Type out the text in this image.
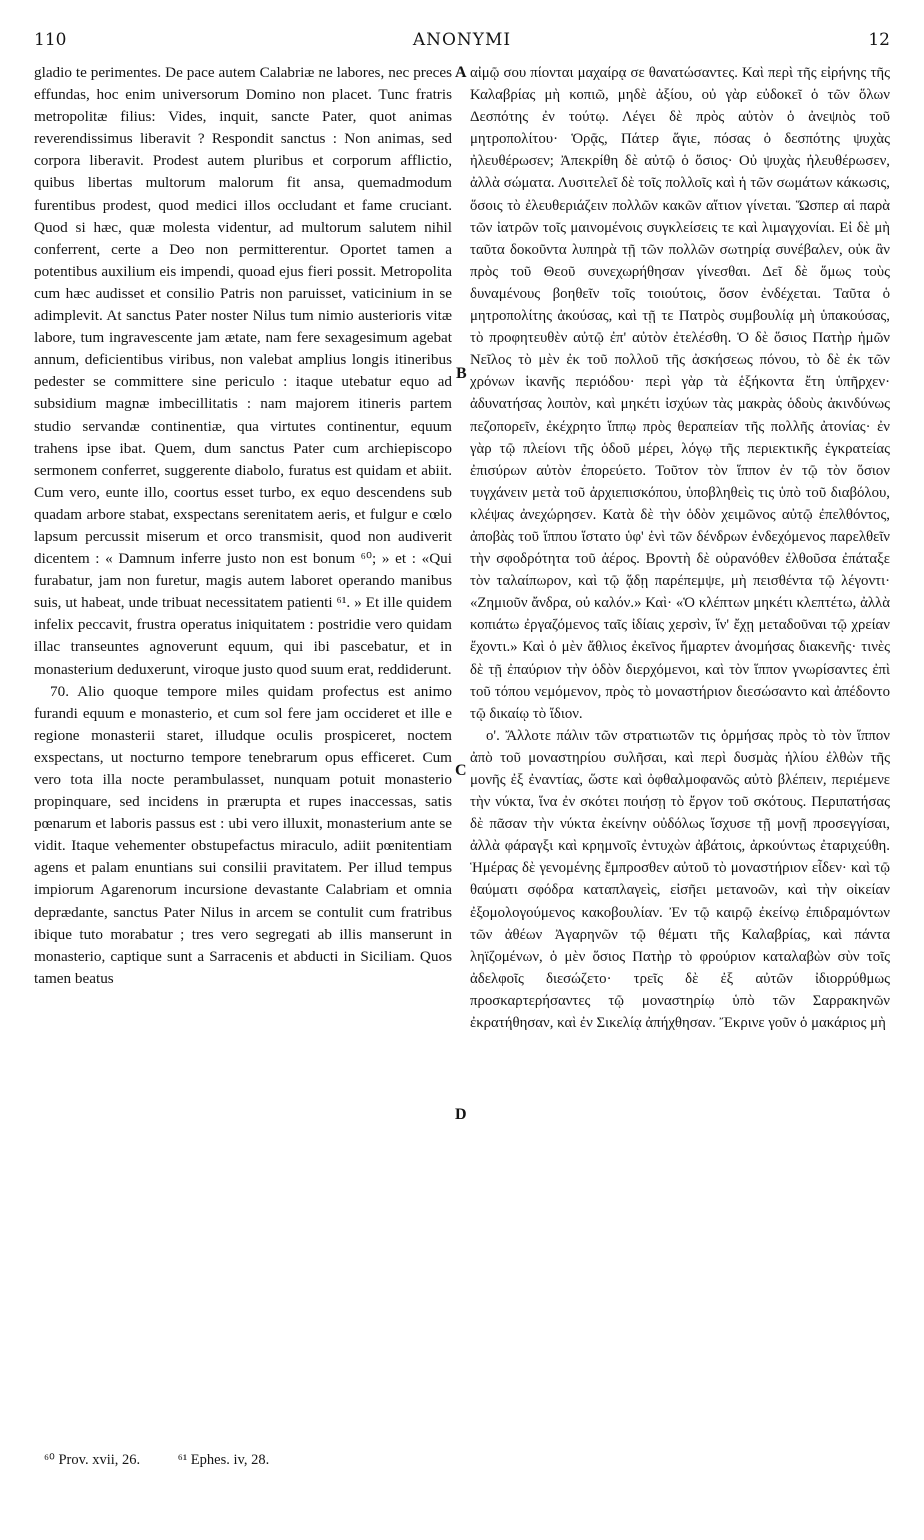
110	ANONYMI	12

gladio te perimentes. De pace autem Calabriæ ne labores, nec preces effundas, hoc enim universorum Domino non placet. Tunc fratris metropolitæ filius: Vides, inquit, sancte Pater, quot animas reverendissimus liberavit ? Respondit sanctus : Non animas, sed corpora liberavit. Prodest autem pluribus et corporum afflictio, quibus libertas multorum malorum fit ansa, quemadmodum furentibus prodest, quod medici illos occludant et fame cruciant. Quod si hæc, quæ molesta videntur, ad multorum salutem nihil conferrent, certe a Deo non permitterentur. Oportet tamen a potentibus auxilium eis impendi, quoad ejus fieri possit. Metropolita cum hæc audisset et consilio Patris non paruisset, vaticinium in se adimplevit. At sanctus Pater noster Nilus tum nimio austerioris vitæ labore, tum ingravescente jam ætate, nam fere sexagesimum agebat annum, deficientibus viribus, non valebat amplius longis itineribus pedester se committere sine periculo : itaque utebatur equo ad subsidium magnæ imbecillitatis : nam majorem itineris partem studio servandæ continentiæ, qua virtutes continentur, equum trahens ipse ibat. Quem, dum sanctus Pater cum archiepiscopo sermonem conferret, suggerente diabolo, furatus est quidam et abiit. Cum vero, eunte illo, coortus esset turbo, ex equo descendens sub quadam arbore stabat, exspectans serenitatem aeris, et fulgur e cœlo lapsum percussit miserum et orco transmisit, quod non audiverit dicentem : « Damnum inferre justo non est bonum ⁶⁰; » et : «Qui furabatur, jam non furetur, magis autem laboret operando manibus suis, ut habeat, unde tribuat necessitatem patienti ⁶¹. » Et ille quidem infelix peccavit, frustra operatus iniquitatem : postridie vero quidam illac transeuntes agnoverunt equum, qui ibi pascebatur, et in monasterium deduxerunt, viroque justo quod suum erat, reddiderunt.

70. Alio quoque tempore miles quidam profectus est animo furandi equum e monasterio, et cum sol fere jam occideret et ille e regione monasterii staret, illudque oculis prospiceret, noctem exspectans, ut nocturno tempore tenebrarum opus efficeret. Cum vero tota illa nocte perambulasset, nunquam potuit monasterio propinquare, sed incidens in prærupta et rupes inaccessas, satis pœnarum et laboris passus est : ubi vero illuxit, monasterium ante se vidit. Itaque vehementer obstupefactus miraculo, adiit pœnitentiam agens et palam enuntians sui consilii pravitatem. Per illud tempus impiorum Agarenorum incursione devastante Calabriam et omnia deprædante, sanctus Pater Nilus in arcem se contulit cum fratribus ibique tuto morabatur ; tres vero segregati ab illis manserunt in monasterio, captique sunt a Sarracenis et abducti in Siciliam. Quos tamen beatus

αἰμῷ σου πίονται μαχαίρᾳ σε θανατώσαντες. Καὶ περὶ τῆς εἰρήνης τῆς Καλαβρίας μὴ κοπιῶ, μηδὲ ἀξίου, οὐ γὰρ εὐδοκεῖ ὁ τῶν ὅλων Δεσπότης ἐν τούτῳ. Λέγει δὲ πρὸς αὐτὸν ὁ ἀνεψιὸς τοῦ μητροπολίτου· Ὁρᾷς, Πάτερ ἅγιε, πόσας ὁ δεσπότης ψυχὰς ἠλευθέρωσεν; Ἀπεκρίθη δὲ αὐτῷ ὁ ὅσιος· Οὐ ψυχὰς ἠλευθέρωσεν, ἀλλὰ σώματα. Λυσιτελεῖ δὲ τοῖς πολλοῖς καὶ ἡ τῶν σωμάτων κάκωσις, ὅσοις τὸ ἐλευθεριάζειν πολλῶν κακῶν αἴτιον γίνεται. Ὥσπερ αἱ παρὰ τῶν ἰατρῶν τοῖς μαινομένοις συγκλείσεις τε καὶ λιμαγχονίαι. Εἰ δὲ μὴ ταῦτα δοκοῦντα λυπηρὰ τῇ τῶν πολλῶν σωτηρίᾳ συνέβαλεν, οὐκ ἂν πρὸς τοῦ Θεοῦ συνεχωρήθησαν γίνεσθαι. Δεῖ δὲ ὅμως τοὺς δυναμένους βοηθεῖν τοῖς τοιούτοις, ὅσον ἐνδέχεται. Ταῦτα ὁ μητροπολίτης ἀκούσας, καὶ τῇ τε Πατρὸς συμβουλίᾳ μὴ ὑπακούσας, τὸ προφητευθὲν αὐτῷ ἐπ' αὐτὸν ἐτελέσθη. Ὁ δὲ ὅσιος Πατὴρ ἡμῶν Νεῖλος τὸ μὲν ἐκ τοῦ πολλοῦ τῆς ἀσκήσεως πόνου, τὸ δὲ ἐκ τῶν χρόνων ἱκανῆς περιόδου· περὶ γὰρ τὰ ἑξήκοντα ἔτη ὑπῆρχεν· ἀδυνατήσας λοιπὸν, καὶ μηκέτι ἰσχύων τὰς μακρὰς ὁδοὺς ἀκινδύνως πεζοπορεῖν, ἐκέχρητο ἵππῳ πρὸς θεραπείαν τῆς πολλῆς ἀτονίας· ἐν γὰρ τῷ πλείονι τῆς ὁδοῦ μέρει, λόγῳ τῆς περιεκτικῆς ἐγκρατείας ἐπισύρων αὐτὸν ἐπορεύετο. Τοῦτον τὸν ἵππον ἐν τῷ τὸν ὅσιον τυγχάνειν μετὰ τοῦ ἀρχιεπισκόπου, ὑποβληθεὶς τις ὑπὸ τοῦ διαβόλου, κλέψας ἀνεχώρησεν. Κατὰ δὲ τὴν ὁδὸν χειμῶνος αὐτῷ ἐπελθόντος, ἀποβὰς τοῦ ἵππου ἵστατο ὑφ' ἑνὶ τῶν δένδρων ἐνδεχόμενος παρελθεῖν τὴν σφοδρότητα τοῦ ἀέρος. Βροντὴ δὲ οὐρανόθεν ἐλθοῦσα ἐπάταξε τὸν ταλαίπωρον, καὶ τῷ ᾅδῃ παρέπεμψε, μὴ πεισθέντα τῷ λέγοντι· «Ζημιοῦν ἄνδρα, οὐ καλόν.» Καὶ· «Ὁ κλέπτων μηκέτι κλεπτέτω, ἀλλὰ κοπιάτω ἐργαζόμενος ταῖς ἰδίαις χερσὶν, ἵν' ἔχῃ μεταδοῦναι τῷ χρείαν ἔχοντι.» Καὶ ὁ μὲν ἄθλιος ἐκεῖνος ἥμαρτεν ἀνομήσας διακενῆς· τινὲς δὲ τῇ ἐπαύριον τὴν ὁδὸν διερχόμενοι, καὶ τὸν ἵππον γνωρίσαντες ἐπὶ τοῦ τόπου νεμόμενον, πρὸς τὸ μοναστήριον διεσώσαντο καὶ ἀπέδοντο τῷ δικαίῳ τὸ ἴδιον.

ο'. Ἄλλοτε πάλιν τῶν στρατιωτῶν τις ὁρμήσας πρὸς τὸ τὸν ἵππον ἀπὸ τοῦ μοναστηρίου συλῆσαι, καὶ περὶ δυσμὰς ἡλίου ἐλθὼν τῆς μονῆς ἐξ ἐναντίας, ὥστε καὶ ὀφθαλμοφανῶς αὐτὸ βλέπειν, περιέμενε τὴν νύκτα, ἵνα ἐν σκότει ποιήσῃ τὸ ἔργον τοῦ σκότους. Περιπατήσας δὲ πᾶσαν τὴν νύκτα ἐκείνην οὐδόλως ἴσχυσε τῇ μονῇ προσεγγίσαι, ἀλλὰ φάραγξι καὶ κρημνοῖς ἐντυχὼν ἀβάτοις, ἀρκούντως ἐταριχεύθη. Ἡμέρας δὲ γενομένης ἔμπροσθεν αὐτοῦ τὸ μοναστήριον εἶδεν· καὶ τῷ θαύματι σφόδρα καταπλαγεὶς, εἰσῆει μετανοῶν, καὶ τὴν οἰκείαν ἐξομολογούμενος κακοβουλίαν. Ἐν τῷ καιρῷ ἐκείνῳ ἐπιδραμόντων τῶν ἀθέων Ἀγαρηνῶν τῷ θέματι τῆς Καλαβρίας, καὶ πάντα ληϊζομένων, ὁ μὲν ὅσιος Πατὴρ τὸ φρούριον καταλαβὼν σὺν τοῖς ἀδελφοῖς διεσώζετο· τρεῖς δὲ ἐξ αὐτῶν ἰδιορρύθμως προσκαρτερήσαντες τῷ μοναστηρίῳ ὑπὸ τῶν Σαρρακηνῶν ἐκρατήθησαν, καὶ ἐν Σικελίᾳ ἀπήχθησαν. Ἔκρινε γοῦν ὁ μακάριος μὴ

A
B
C
D
⁶⁰ Prov. xvii, 26.	⁶¹ Ephes. iv, 28.
